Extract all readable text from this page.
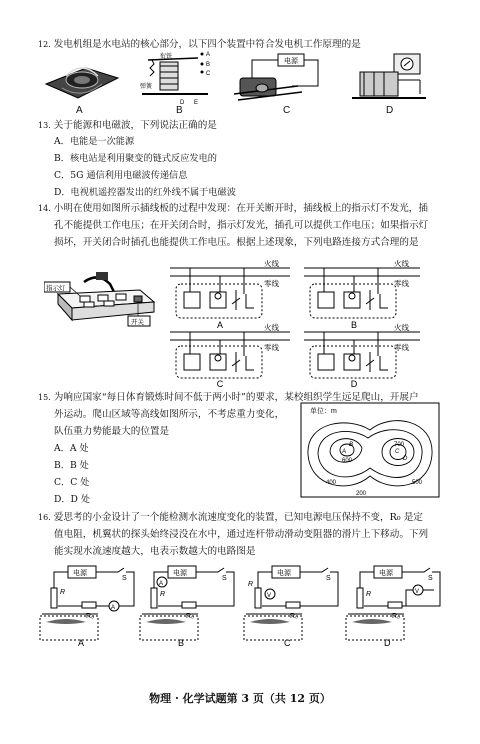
12. 发电机组是水电站的核心部分，以下四个装置中符合发电机工作原理的是
A
衔铁
弹簧
A
B
C
D E
B
电源
C	D
13. 关于能源和电磁波，下列说法正确的是
A．电能是一次能源
B．核电站是利用聚变的链式反应发电的
C．5G 通信利用电磁波传递信息
D．电视机遥控器发出的红外线不属于电磁波
14. 小明在使用如图所示插线板的过程中发现：在开关断开时，插线板上的指示灯不发光，插
孔不能提供工作电压；在开关闭合时，指示灯发光，插孔可以提供工作电压；如果指示灯
损坏，开关闭合时插孔也能提供工作电压。根据上述现象，下列电路连接方式合理的是
指示灯
开关
火线
零线
火线
零线
A	B
火线
零线
火线
零线
C	D
15. 为响应国家“每日体育锻炼时间不低于两小时”的要求，某校组织学生远足爬山，开展户
外运动。爬山区域等高线如图所示，不考虑重力变化，
队伍重力势能最大的位置是
A．A 处
B．B 处
C．C 处
D．D 处
单位：m
A
B
C
D
200
400	500
600
700
16. 爱思考的小金设计了一个能检测水流速度变化的装置，已知电源电压保持不变，R₀ 是定
值电阻，机翼状的探头始终浸没在水中，通过连杆带动滑动变阻器的滑片上下移动。下列
能实现水流速度越大，电表示数越大的电路图是
电源
S
R₀
A
R
A
电源
S
R₀
A
R
B
电源
S
R₀
V
R
C
电源
S
R₀
V
R
D
物理 · 化学试题第 3 页（共 12 页）
